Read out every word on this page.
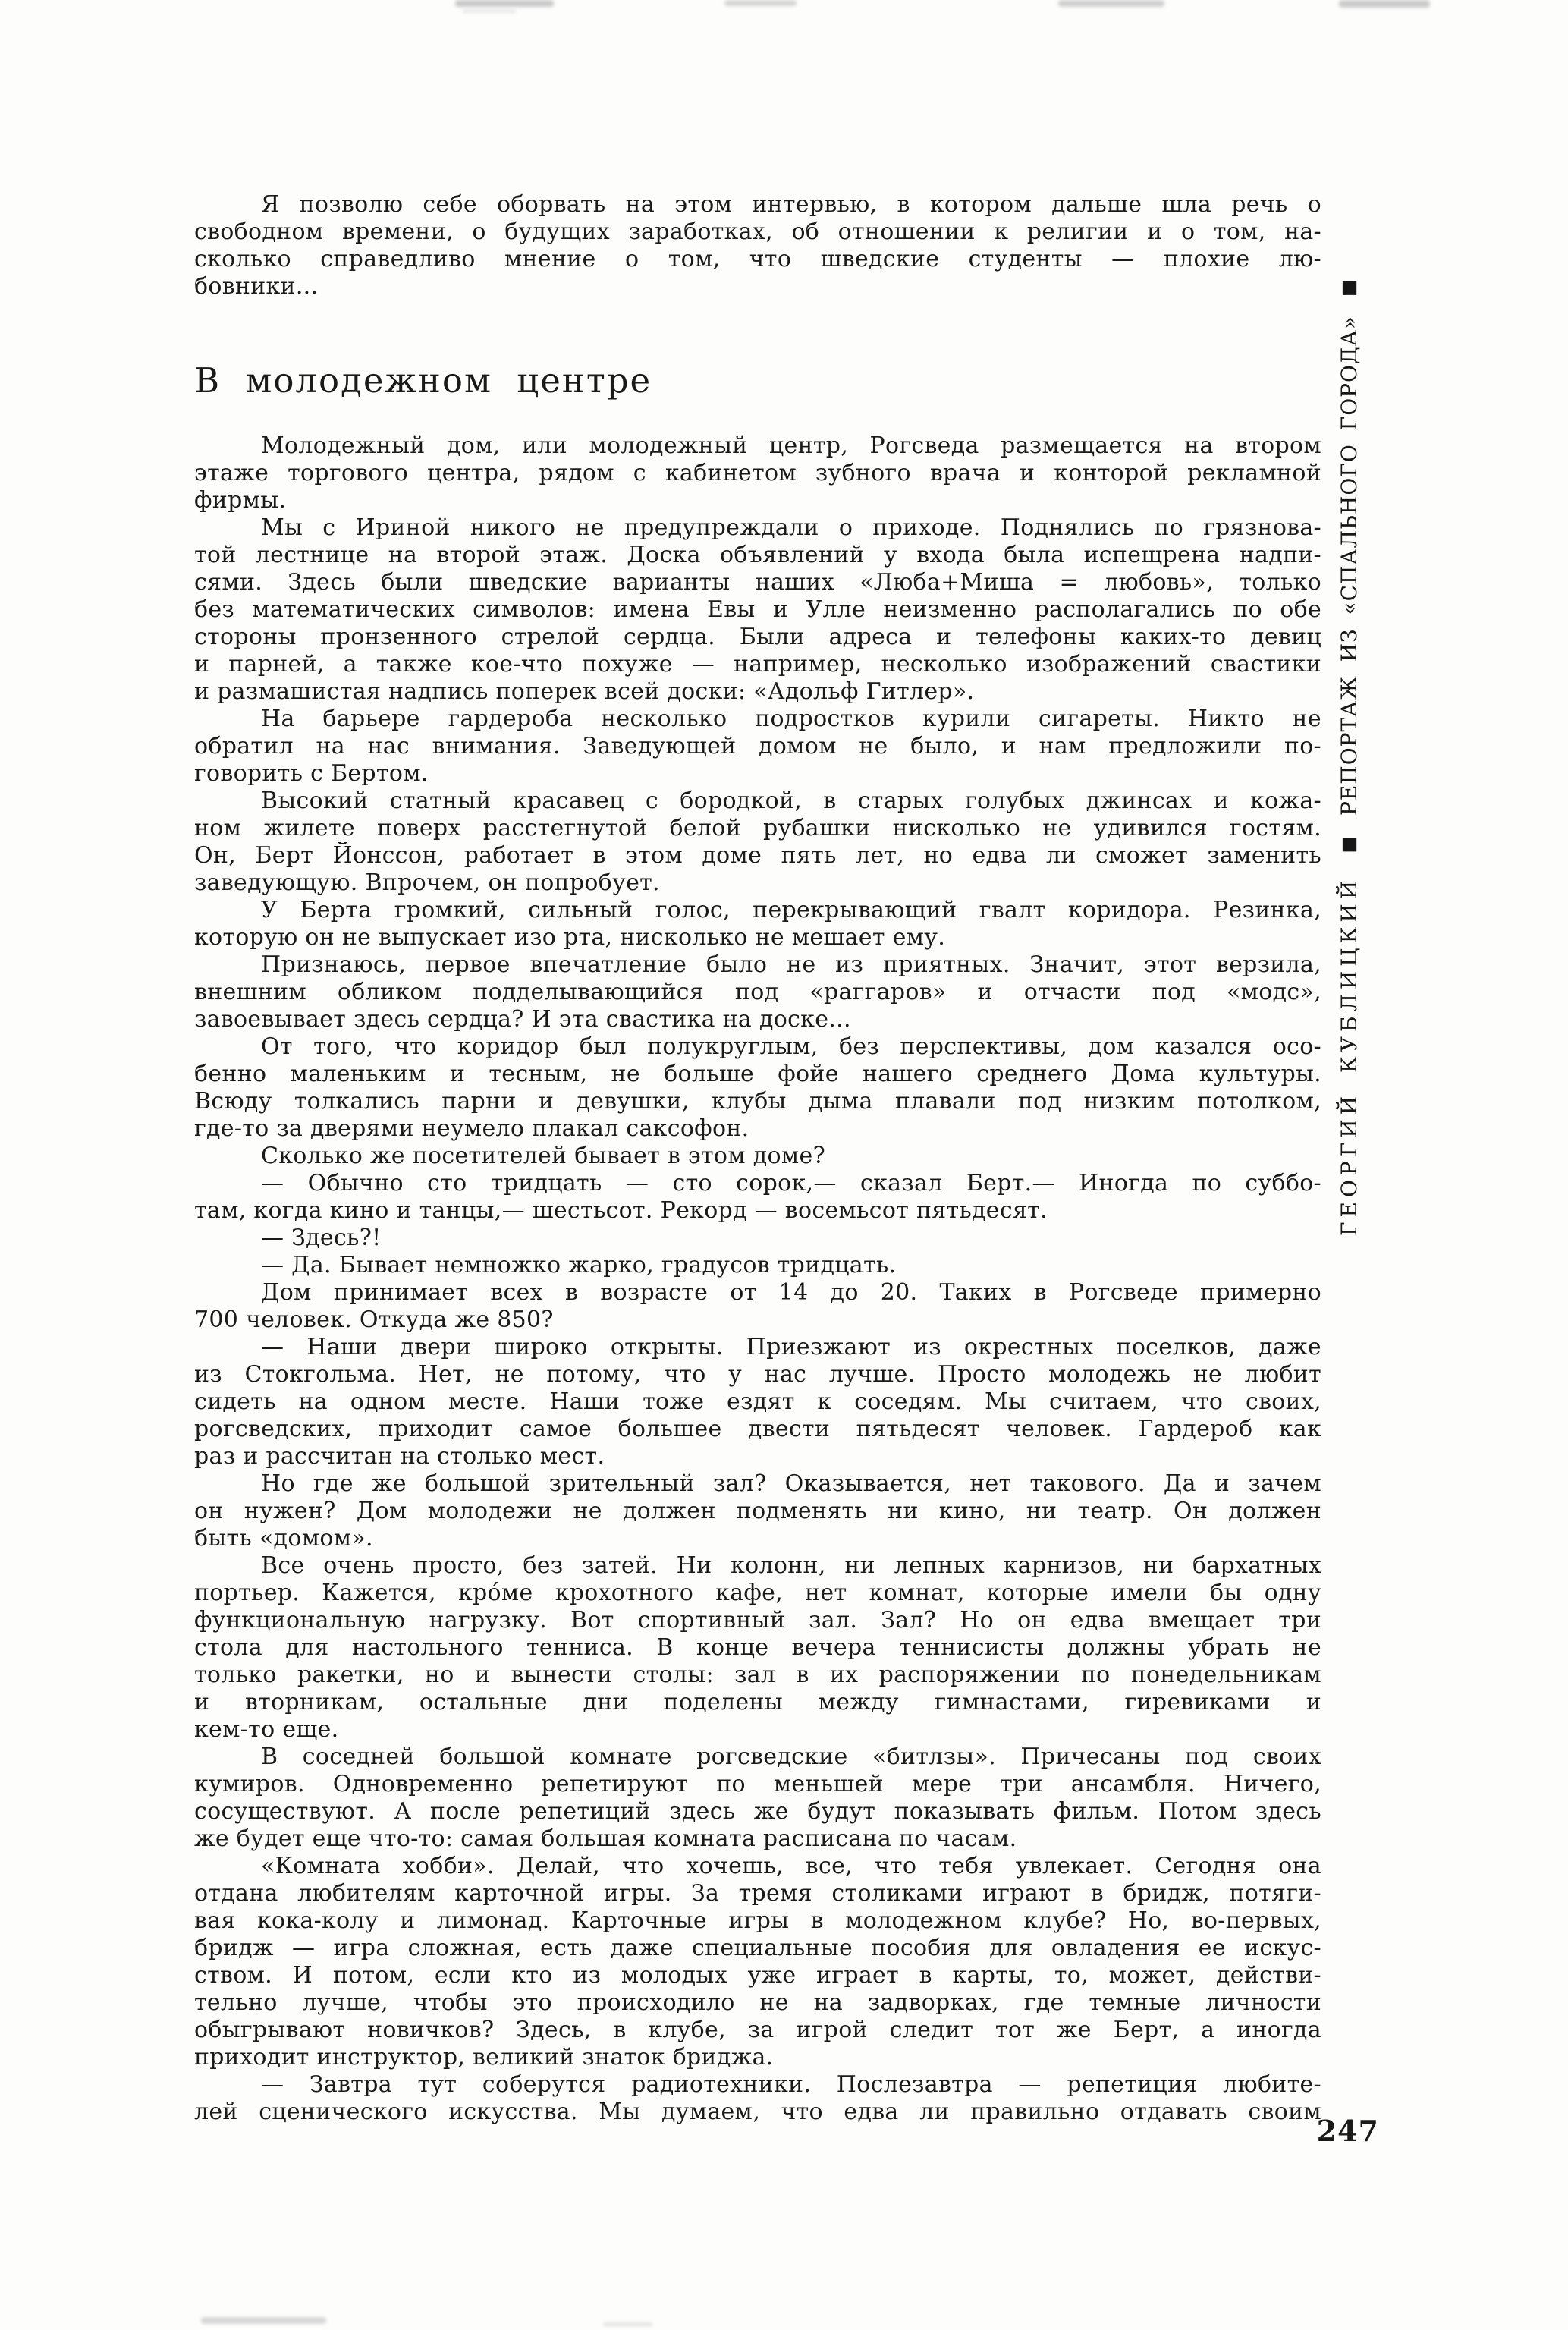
Я позволю себе оборвать на этом интервью, в котором дальше шла речь о
свободном времени, о будущих заработках, об отношении к религии и о том, на-
сколько справедливо мнение о том, что шведские студенты — плохие лю-
бовники...
В молодежном центре
Молодежный дом, или молодежный центр, Рогсведа размещается на втором
этаже торгового центра, рядом с кабинетом зубного врача и конторой рекламной
фирмы.
Мы с Ириной никого не предупреждали о приходе. Поднялись по грязнова-
той лестнице на второй этаж. Доска объявлений у входа была испещрена надпи-
сями. Здесь были шведские варианты наших «Люба+Миша = любовь», только
без математических символов: имена Евы и Улле неизменно располагались по обе
стороны пронзенного стрелой сердца. Были адреса и телефоны каких-то девиц
и парней, а также кое-что похуже — например, несколько изображений свастики
и размашистая надпись поперек всей доски: «Адольф Гитлер».
На барьере гардероба несколько подростков курили сигареты. Никто не
обратил на нас внимания. Заведующей домом не было, и нам предложили по-
говорить с Бертом.
Высокий статный красавец с бородкой, в старых голубых джинсах и кожа-
ном жилете поверх расстегнутой белой рубашки нисколько не удивился гостям.
Он, Берт Йонссон, работает в этом доме пять лет, но едва ли сможет заменить
заведующую. Впрочем, он попробует.
У Берта громкий, сильный голос, перекрывающий гвалт коридора. Резинка,
которую он не выпускает изо рта, нисколько не мешает ему.
Признаюсь, первое впечатление было не из приятных. Значит, этот верзила,
внешним обликом подделывающийся под «раггаров» и отчасти под «модс»,
завоевывает здесь сердца? И эта свастика на доске...
От того, что коридор был полукруглым, без перспективы, дом казался осо-
бенно маленьким и тесным, не больше фойе нашего среднего Дома культуры.
Всюду толкались парни и девушки, клубы дыма плавали под низким потолком,
где-то за дверями неумело плакал саксофон.
Сколько же посетителей бывает в этом доме?
— Обычно сто тридцать — сто сорок,— сказал Берт.— Иногда по суббо-
там, когда кино и танцы,— шестьсот. Рекорд — восемьсот пятьдесят.
— Здесь?!
— Да. Бывает немножко жарко, градусов тридцать.
Дом принимает всех в возрасте от 14 до 20. Таких в Рогсведе примерно
700 человек. Откуда же 850?
— Наши двери широко открыты. Приезжают из окрестных поселков, даже
из Стокгольма. Нет, не потому, что у нас лучше. Просто молодежь не любит
сидеть на одном месте. Наши тоже ездят к соседям. Мы считаем, что своих,
рогсведских, приходит самое большее двести пятьдесят человек. Гардероб как
раз и рассчитан на столько мест.
Но где же большой зрительный зал? Оказывается, нет такового. Да и зачем
он нужен? Дом молодежи не должен подменять ни кино, ни театр. Он должен
быть «домом».
Все очень просто, без затей. Ни колонн, ни лепных карнизов, ни бархатных
портьер. Кажется, кро́ме крохотного кафе, нет комнат, которые имели бы одну
функциональную нагрузку. Вот спортивный зал. Зал? Но он едва вмещает три
стола для настольного тенниса. В конце вечера теннисисты должны убрать не
только ракетки, но и вынести столы: зал в их распоряжении по понедельникам
и вторникам, остальные дни поделены между гимнастами, гиревиками и
кем-то еще.
В соседней большой комнате рогсведские «битлзы». Причесаны под своих
кумиров. Одновременно репетируют по меньшей мере три ансамбля. Ничего,
сосуществуют. А после репетиций здесь же будут показывать фильм. Потом здесь
же будет еще что-то: самая большая комната расписана по часам.
«Комната хобби». Делай, что хочешь, все, что тебя увлекает. Сегодня она
отдана любителям карточной игры. За тремя столиками играют в бридж, потяги-
вая кока-колу и лимонад. Карточные игры в молодежном клубе? Но, во-первых,
бридж — игра сложная, есть даже специальные пособия для овладения ее искус-
ством. И потом, если кто из молодых уже играет в карты, то, может, действи-
тельно лучше, чтобы это происходило не на задворках, где темные личности
обыгрывают новичков? Здесь, в клубе, за игрой следит тот же Берт, а иногда
приходит инструктор, великий знаток бриджа.
— Завтра тут соберутся радиотехники. Послезавтра — репетиция любите-
лей сценического искусства. Мы думаем, что едва ли правильно отдавать своим
ГЕОРГИЙ КУБЛИЦКИЙ■РЕПОРТАЖ ИЗ «СПАЛЬНОГО ГОРОДА»■
247
